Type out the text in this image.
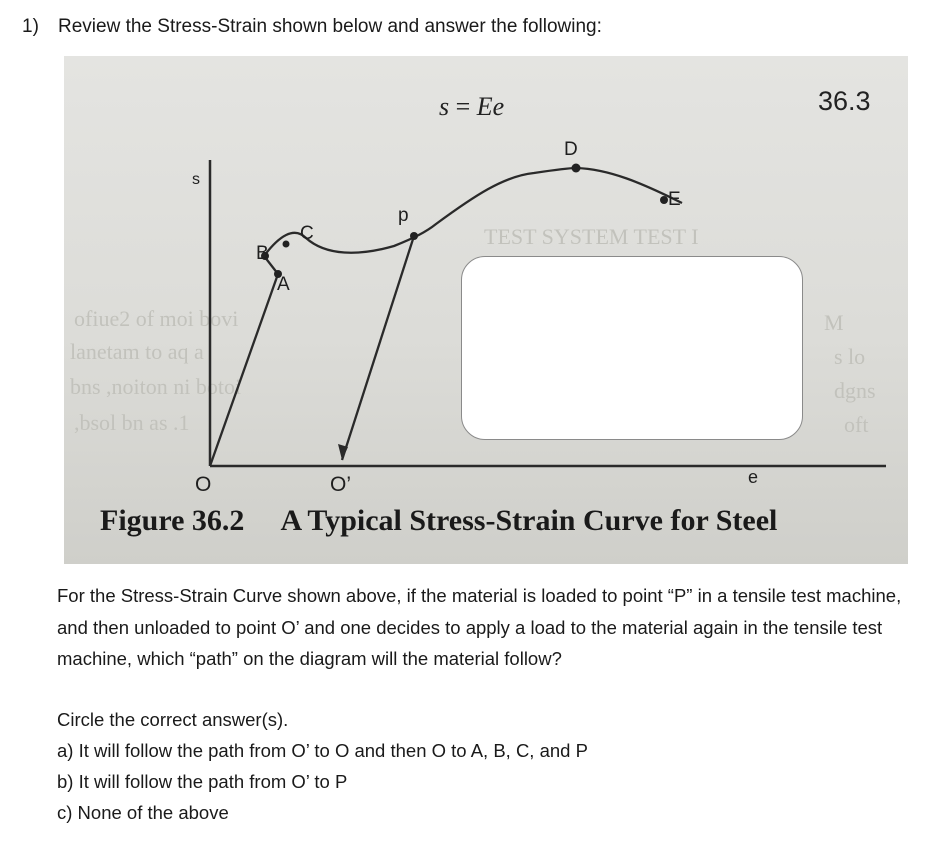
1) Review the Stress-Strain shown below and answer the following:
ofiue2 of moi bovi
lanetam to aq a
bns ,noiton ni botoi
,bsol bn as .1
M
s lo
dgns
oft
TEST SYSTEM TEST I
s = Ee	36.3
s
B
A
C
p
D
E
O	O’	e
Figure 36.2 A Typical Stress-Strain Curve for Steel
For the Stress-Strain Curve shown above, if the material is loaded to point “P” in a tensile test machine, and then unloaded to point O’ and one decides to apply a load to the material again in the tensile test machine, which “path” on the diagram will the material follow?
Circle the correct answer(s).
a) It will follow the path from O’ to O and then O to A, B, C, and P
b) It will follow the path from O’ to P
c) None of the above
